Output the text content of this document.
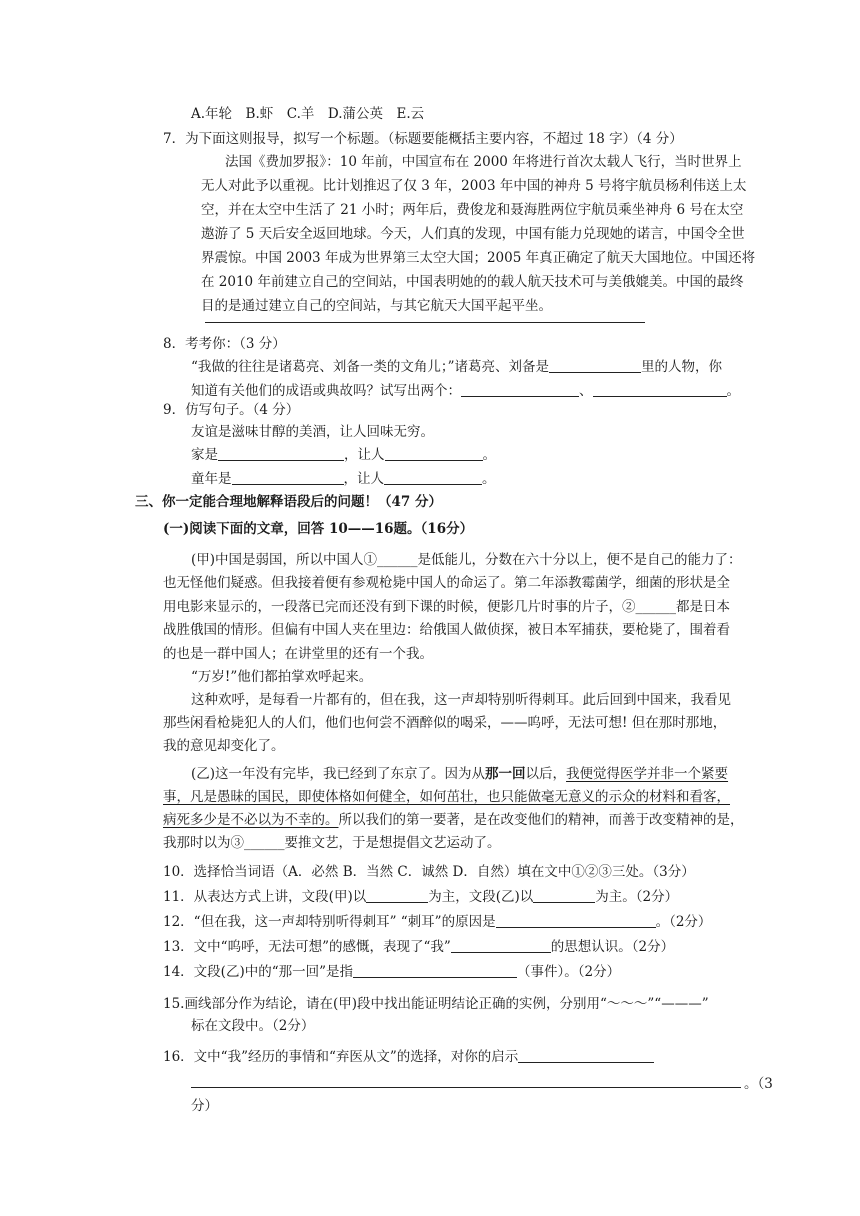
A.年轮　B.虾　C.羊　D.蒲公英　E.云
7．为下面这则报导，拟写一个标题。（标题要能概括主要内容，不超过 18 字）（4 分）
法国《费加罗报》：10 年前，中国宣布在 2000 年将进行首次太载人飞行，当时世界上
无人对此予以重视。比计划推迟了仅 3 年，2003 年中国的神舟 5 号将宇航员杨利伟送上太
空，并在太空中生活了 21 小时；两年后，费俊龙和聂海胜两位宇航员乘坐神舟 6 号在太空
遨游了 5 天后安全返回地球。今天，人们真的发现，中国有能力兑现她的诺言，中国令全世
界震惊。中国 2003 年成为世界第三太空大国；2005 年真正确定了航天大国地位。中国还将
在 2010 年前建立自己的空间站，中国表明她的的载人航天技术可与美俄媲美。中国的最终
目的是通过建立自己的空间站，与其它航天大国平起平坐。
8．考考你：（3 分）
“我做的往往是诸葛亮、刘备一类的文角儿；”诸葛亮、刘备是	里的人物，你
知道有关他们的成语或典故吗？试写出两个：	、	。
9．仿写句子。（4 分）
友谊是滋味甘醇的美酒，让人回味无穷。
家是	，让人	。
童年是	，让人	。
三、你一定能合理地解释语段后的问题！（47 分）
(一)阅读下面的文章，回答 10——16题。（16分）
(甲)中国是弱国，所以中国人①______是低能儿，分数在六十分以上，便不是自己的能力了：
也无怪他们疑惑。但我接着便有参观枪毙中国人的命运了。第二年添教霉菌学，细菌的形状是全
用电影来显示的，一段落已完而还没有到下课的时候，便影几片时事的片子，②______都是日本
战胜俄国的情形。但偏有中国人夹在里边：给俄国人做侦探，被日本军捕获，要枪毙了，围着看
的也是一群中国人；在讲堂里的还有一个我。
“万岁!”他们都拍掌欢呼起来。
这种欢呼，是每看一片都有的，但在我，这一声却特别听得刺耳。此后回到中国来，我看见
那些闲看枪毙犯人的人们，他们也何尝不酒醉似的喝采，——呜呼，无法可想! 但在那时那地，
我的意见却变化了。
(乙)这一年没有完毕，我已经到了东京了。因为从那一回以后，我便觉得医学并非一个紧要
事，凡是愚昧的国民，即使体格如何健全，如何茁壮，也只能做毫无意义的示众的材料和看客，
病死多少是不必以为不幸的。所以我们的第一要著，是在改变他们的精神，而善于改变精神的是，
我那时以为③______要推文艺，于是想提倡文艺运动了。
10．选择恰当词语（A．必然 B．当然 C．诚然 D．自然）填在文中①②③三处。（3分）
11．从表达方式上讲，文段(甲)以	为主，文段(乙)以	为主。（2分）
12．“但在我，这一声却特别听得刺耳” “刺耳”的原因是	。（2分）
13．文中“呜呼，无法可想”的感慨，表现了“我”	的思想认识。（2分）
14．文段(乙)中的“那一回”是指	（事件）。（2分）
15.画线部分作为结论，请在(甲)段中找出能证明结论正确的实例，分别用“～～～”“———”
标在文段中。（2分）
16．文中“我”经历的事情和“弃医从文”的选择，对你的启示
。（3
分）
